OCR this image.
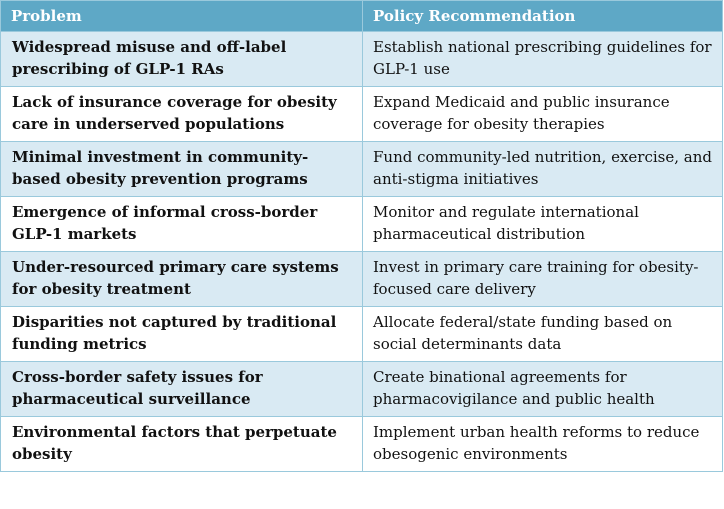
Problem	Policy Recommendation
Widespread misuse and off-label prescribing of GLP-1 RAs	Establish national prescribing guidelines for GLP-1 use
Lack of insurance coverage for obesity care in underserved populations	Expand Medicaid and public insurance coverage for obesity therapies
Minimal investment in community-based obesity prevention programs	Fund community-led nutrition, exercise, and anti-stigma initiatives
Emergence of informal cross-border GLP-1 markets	Monitor and regulate international pharmaceutical distribution
Under-resourced primary care systems for obesity treatment	Invest in primary care training for obesity-focused care delivery
Disparities not captured by traditional funding metrics	Allocate federal/state funding based on social determinants data
Cross-border safety issues for pharmaceutical surveillance	Create binational agreements for pharmacovigilance and public health
Environmental factors that perpetuate obesity	Implement urban health reforms to reduce obesogenic environments
